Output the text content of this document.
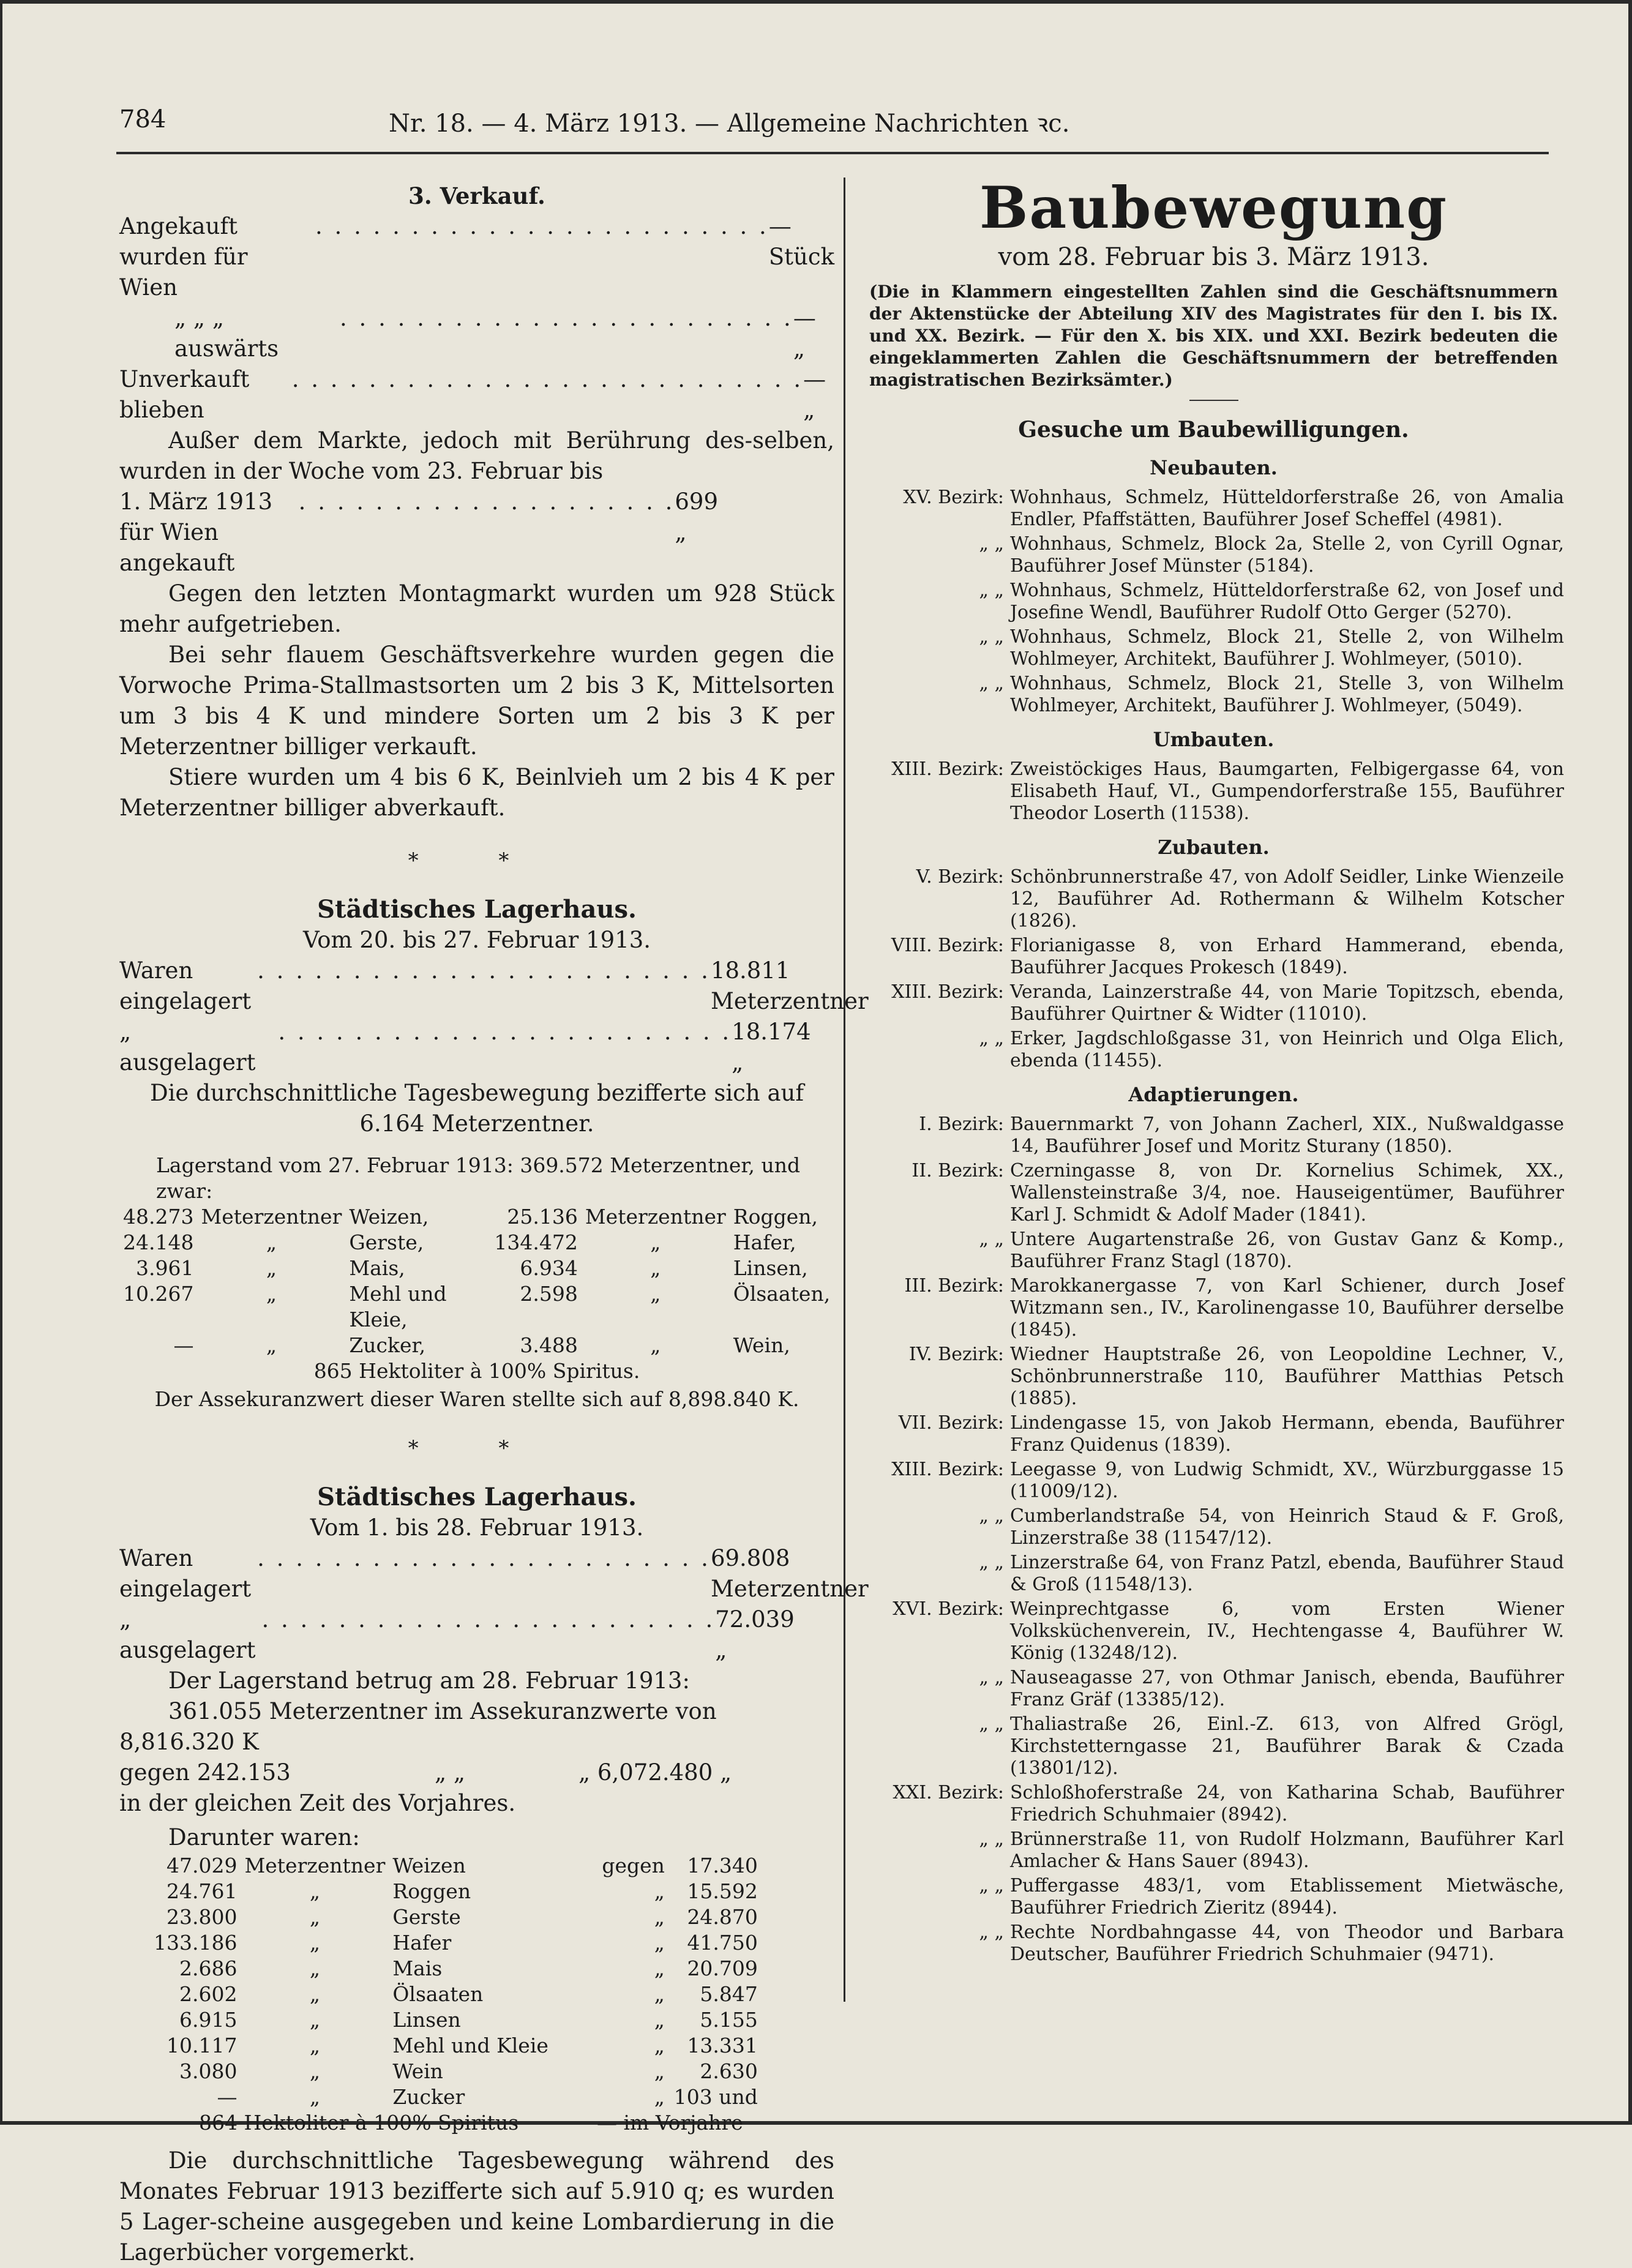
784	Nr. 18. — 4. März 1913. — Allgemeine Nachrichten ꝛc.
3. Verkauf.
Angekauft wurden für Wien
. . . . . . . . . . . . . . . . . . . . . . . . — Stück
„ „ „ auswärts
. . . . . . . . . . . . . . . . . . . . . . . . — „
Unverkauft blieben
. . . . . . . . . . . . . . . . . . . . . . . . . . . — „
Außer dem Markte, jedoch mit Berührung des-selben, wurden in der Woche vom 23. Februar bis
1. März 1913 für Wien angekauft
. . . . . . . . . . . . . . . . . . . . 699 „
Gegen den letzten Montagmarkt wurden um 928 Stück mehr aufgetrieben.
Bei sehr flauem Geschäftsverkehre wurden gegen die Vorwoche Prima-Stallmastsorten um 2 bis 3 K, Mittelsorten um 3 bis 4 K und mindere Sorten um 2 bis 3 K per Meterzentner billiger verkauft.
Stiere wurden um 4 bis 6 K, Beinlvieh um 2 bis 4 K per Meterzentner billiger abverkauft.
* *
Städtisches Lagerhaus.
Vom 20. bis 27. Februar 1913.
Waren eingelagert
. . . . . . . . . . . . . . . . . . . . . . . . 18.811 Meterzentner
„ ausgelagert
. . . . . . . . . . . . . . . . . . . . . . . . 18.174 „
Die durchschnittliche Tagesbewegung bezifferte sich auf 6.164 Meterzentner.
Lagerstand vom 27. Februar 1913: 369.572 Meterzentner, und zwar:
48.273	Meterzentner	Weizen,	25.136	Meterzentner	Roggen,
24.148	„	Gerste,	134.472	„	Hafer,
3.961	„	Mais,	6.934	„	Linsen,
10.267	„	Mehl und Kleie,	2.598	„	Ölsaaten,
—	„	Zucker,	3.488	„	Wein,
865 Hektoliter à 100% Spiritus.
Der Assekuranzwert dieser Waren stellte sich auf 8,898.840 K.
* *
Städtisches Lagerhaus.
Vom 1. bis 28. Februar 1913.
Waren eingelagert
. . . . . . . . . . . . . . . . . . . . . . . . 69.808 Meterzentner
„ ausgelagert
. . . . . . . . . . . . . . . . . . . . . . . . 72.039 „
Der Lagerstand betrug am 28. Februar 1913:
361.055 Meterzentner im Assekuranzwerte von 8,816.320 K
gegen 242.153	„ „	„ 6,072.480 „
in der gleichen Zeit des Vorjahres.
Darunter waren:
47.029	Meterzentner	Weizen	gegen	17.340
24.761	„	Roggen	„	15.592
23.800	„	Gerste	„	24.870
133.186	„	Hafer	„	41.750
2.686	„	Mais	„	20.709
2.602	„	Ölsaaten	„	5.847
6.915	„	Linsen	„	5.155
10.117	„	Mehl und Kleie	„	13.331
3.080	„	Wein	„	2.630
—	„	Zucker	„	103 und
864 Hektoliter à 100% Spiritus	— im Vorjahre
Die durchschnittliche Tagesbewegung während des Monates Februar 1913 bezifferte sich auf 5.910 q; es wurden 5 Lager-scheine ausgegeben und keine Lombardierung in die Lagerbücher vorgemerkt.
Baubewegung
vom 28. Februar bis 3. März 1913.
(Die in Klammern eingestellten Zahlen sind die Geschäftsnummern der Aktenstücke der Abteilung XIV des Magistrates für den I. bis IX. und XX. Bezirk. — Für den X. bis XIX. und XXI. Bezirk bedeuten die eingeklammerten Zahlen die Geschäftsnummern der betreffenden magistratischen Bezirksämter.)
Gesuche um Baubewilligungen.
Neubauten.
XV. Bezirk: Wohnhaus, Schmelz, Hütteldorferstraße 26, von Amalia Endler, Pfaffstätten, Bauführer Josef Scheffel (4981).
„ „ Wohnhaus, Schmelz, Block 2a, Stelle 2, von Cyrill Ognar, Bauführer Josef Münster (5184).
„ „ Wohnhaus, Schmelz, Hütteldorferstraße 62, von Josef und Josefine Wendl, Bauführer Rudolf Otto Gerger (5270).
„ „ Wohnhaus, Schmelz, Block 21, Stelle 2, von Wilhelm Wohlmeyer, Architekt, Bauführer J. Wohlmeyer, (5010).
„ „ Wohnhaus, Schmelz, Block 21, Stelle 3, von Wilhelm Wohlmeyer, Architekt, Bauführer J. Wohlmeyer, (5049).
Umbauten.
XIII. Bezirk: Zweistöckiges Haus, Baumgarten, Felbigergasse 64, von Elisabeth Hauf, VI., Gumpendorferstraße 155, Bauführer Theodor Loserth (11538).
Zubauten.
V. Bezirk: Schönbrunnerstraße 47, von Adolf Seidler, Linke Wienzeile 12, Bauführer Ad. Rothermann & Wilhelm Kotscher (1826).
VIII. Bezirk: Florianigasse 8, von Erhard Hammerand, ebenda, Bauführer Jacques Prokesch (1849).
XIII. Bezirk: Veranda, Lainzerstraße 44, von Marie Topitzsch, ebenda, Bauführer Quirtner & Widter (11010).
„ „ Erker, Jagdschloßgasse 31, von Heinrich und Olga Elich, ebenda (11455).
Adaptierungen.
I. Bezirk: Bauernmarkt 7, von Johann Zacherl, XIX., Nußwaldgasse 14, Bauführer Josef und Moritz Sturany (1850).
II. Bezirk: Czerningasse 8, von Dr. Kornelius Schimek, XX., Wallensteinstraße 3/4, noe. Hauseigentümer, Bauführer Karl J. Schmidt & Adolf Mader (1841).
„ „ Untere Augartenstraße 26, von Gustav Ganz & Komp., Bauführer Franz Stagl (1870).
III. Bezirk: Marokkanergasse 7, von Karl Schiener, durch Josef Witzmann sen., IV., Karolinengasse 10, Bauführer derselbe (1845).
IV. Bezirk: Wiedner Hauptstraße 26, von Leopoldine Lechner, V., Schönbrunnerstraße 110, Bauführer Matthias Petsch (1885).
VII. Bezirk: Lindengasse 15, von Jakob Hermann, ebenda, Bauführer Franz Quidenus (1839).
XIII. Bezirk: Leegasse 9, von Ludwig Schmidt, XV., Würzburggasse 15 (11009/12).
„ „ Cumberlandstraße 54, von Heinrich Staud & F. Groß, Linzerstraße 38 (11547/12).
„ „ Linzerstraße 64, von Franz Patzl, ebenda, Bauführer Staud & Groß (11548/13).
XVI. Bezirk: Weinprechtgasse 6, vom Ersten Wiener Volksküchenverein, IV., Hechtengasse 4, Bauführer W. König (13248/12).
„ „ Nauseagasse 27, von Othmar Janisch, ebenda, Bauführer Franz Gräf (13385/12).
„ „ Thaliastraße 26, Einl.-Z. 613, von Alfred Grögl, Kirchstetterngasse 21, Bauführer Barak & Czada (13801/12).
XXI. Bezirk: Schloßhoferstraße 24, von Katharina Schab, Bauführer Friedrich Schuhmaier (8942).
„ „ Brünnerstraße 11, von Rudolf Holzmann, Bauführer Karl Amlacher & Hans Sauer (8943).
„ „ Puffergasse 483/1, vom Etablissement Mietwäsche, Bauführer Friedrich Zieritz (8944).
„ „ Rechte Nordbahngasse 44, von Theodor und Barbara Deutscher, Bauführer Friedrich Schuhmaier (9471).
